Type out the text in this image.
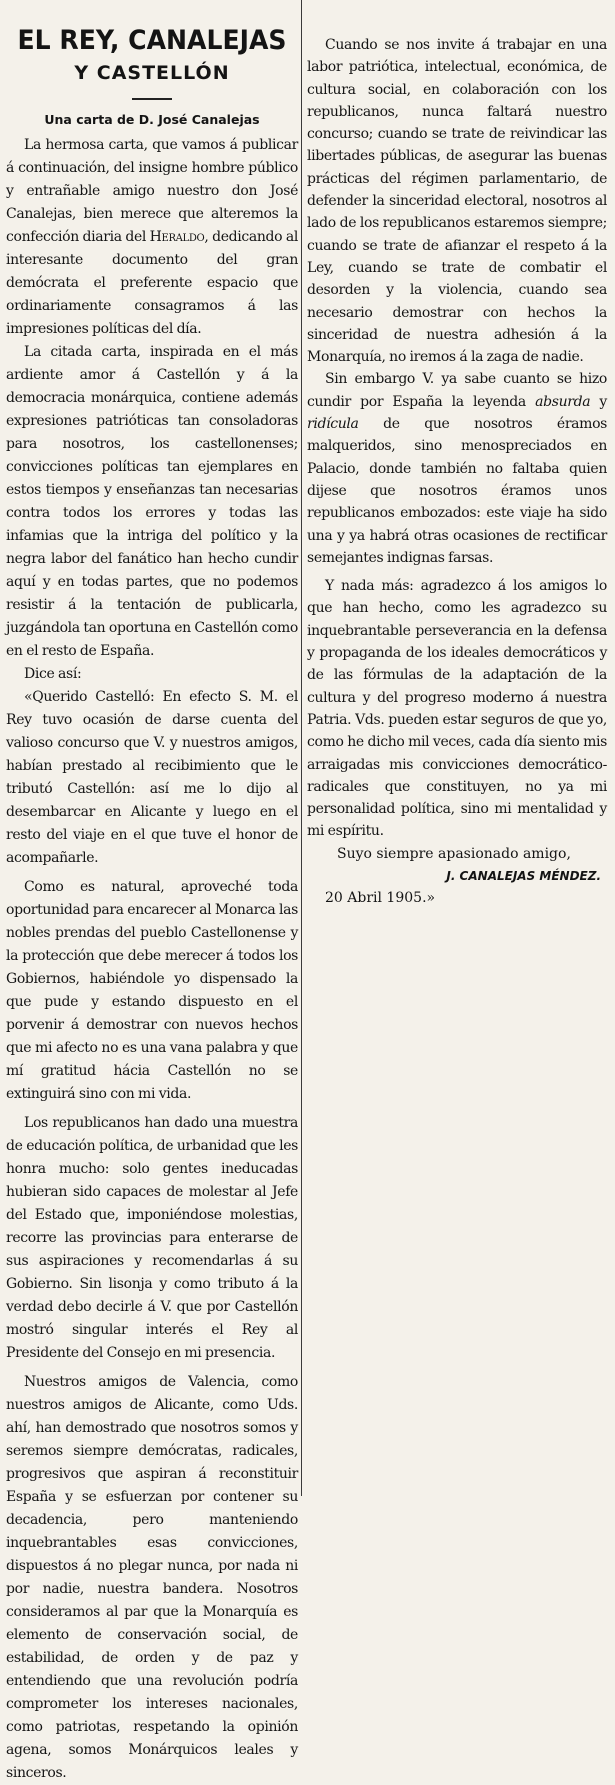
EL REY, CANALEJAS
Y CASTELLÓN

Una carta de D. José Canalejas

La hermosa carta, que vamos á publicar á continuación, del insigne hombre público y entrañable amigo nuestro don José Canalejas, bien merece que alteremos la confección diaria del Heraldo, dedicando al interesante documento del gran demócrata el preferente espacio que ordinariamente consagramos á las impresiones políticas del día.

La citada carta, inspirada en el más ardiente amor á Castellón y á la democracia monárquica, contiene además expresiones patrióticas tan consoladoras para nosotros, los castellonenses; convicciones políticas tan ejemplares en estos tiempos y enseñanzas tan necesarias contra todos los errores y todas las infamias que la intriga del político y la negra labor del fanático han hecho cundir aquí y en todas partes, que no podemos resistir á la tentación de publicarla, juzgándola tan oportuna en Castellón como en el resto de España.

Dice así:

«Querido Castelló: En efecto S. M. el Rey tuvo ocasión de darse cuenta del valioso concurso que V. y nuestros amigos, habían prestado al recibimiento que le tributó Castellón: así me lo dijo al desembarcar en Alicante y luego en el resto del viaje en el que tuve el honor de acompañarle.

Como es natural, aproveché toda oportunidad para encarecer al Monarca las nobles prendas del pueblo Castellonense y la protección que debe merecer á todos los Gobiernos, habiéndole yo dispensado la que pude y estando dispuesto en el porvenir á demostrar con nuevos hechos que mi afecto no es una vana palabra y que mí gratitud hácia Castellón no se extinguirá sino con mi vida.

Los republicanos han dado una muestra de educación política, de urbanidad que les honra mucho: solo gentes ineducadas hubieran sido capaces de molestar al Jefe del Estado que, imponiéndose molestias, recorre las provincias para enterarse de sus aspiraciones y recomendarlas á su Gobierno. Sin lisonja y como tributo á la verdad debo decirle á V. que por Castellón mostró singular interés el Rey al Presidente del Consejo en mi presencia.

Nuestros amigos de Valencia, como nuestros amigos de Alicante, como Uds. ahí, han demostrado que nosotros somos y seremos siempre demócratas, radicales, progresivos que aspiran á reconstituir España y se esfuerzan por contener su decadencia, pero manteniendo inquebrantables esas convicciones, dispuestos á no plegar nunca, por nada ni por nadie, nuestra bandera. Nosotros consideramos al par que la Monarquía es elemento de conservación social, de estabilidad, de orden y de paz y entendiendo que una revolución podría comprometer los intereses nacionales, como patriotas, respetando la opinión agena, somos Monárquicos leales y sinceros.

Cuando se nos invite á trabajar en una labor patriótica, intelectual, económica, de cultura social, en colaboración con los republicanos, nunca faltará nuestro concurso; cuando se trate de reivindicar las libertades públicas, de asegurar las buenas prácticas del régimen parlamentario, de defender la sinceridad electoral, nosotros al lado de los republicanos estaremos siempre; cuando se trate de afianzar el respeto á la Ley, cuando se trate de combatir el desorden y la violencia, cuando sea necesario demostrar con hechos la sinceridad de nuestra adhesión á la Monarquía, no iremos á la zaga de nadie.

Sin embargo V. ya sabe cuanto se hizo cundir por España la leyenda absurda y ridícula de que nosotros éramos malqueridos, sino menospreciados en Palacio, donde también no faltaba quien dijese que nosotros éramos unos republicanos embozados: este viaje ha sido una y ya habrá otras ocasiones de rectificar semejantes indignas farsas.

Y nada más: agradezco á los amigos lo que han hecho, como les agradezco su inquebrantable perseverancia en la defensa y propaganda de los ideales democráticos y de las fórmulas de la adaptación de la cultura y del progreso moderno á nuestra Patria. Vds. pueden estar seguros de que yo, como he dicho mil veces, cada día siento mis arraigadas mis convicciones democrático-radicales que constituyen, no ya mi personalidad política, sino mi mentalidad y mi espíritu.

Suyo siempre apasionado amigo,

J. CANALEJAS MÉNDEZ.

20 Abril 1905.»
